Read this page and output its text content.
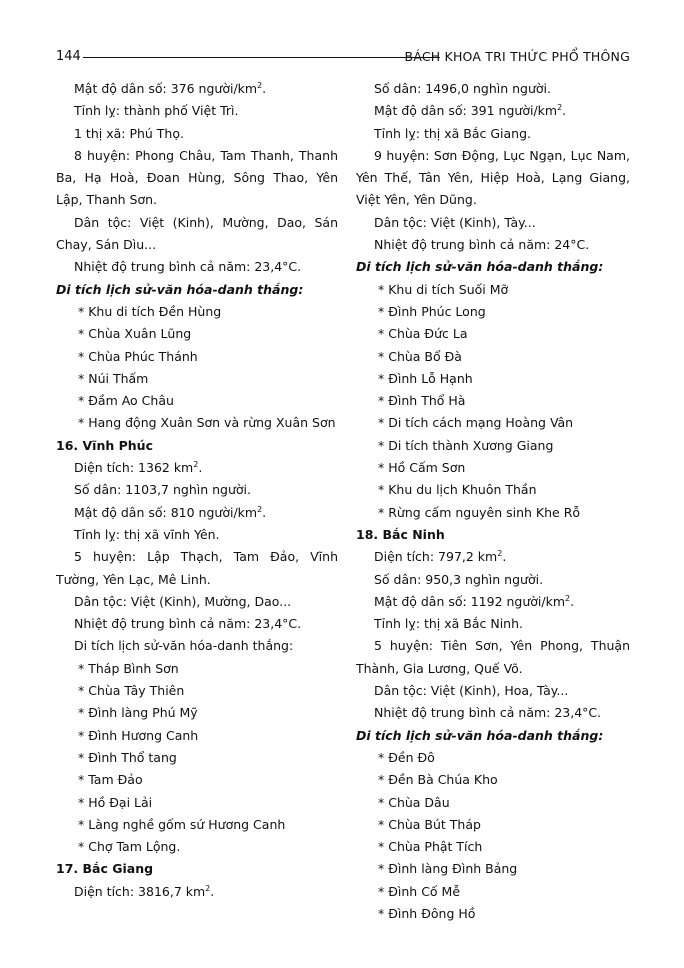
144	BÁCH KHOA TRI THỨC PHỔ THÔNG
Mật độ dân số: 376 người/$km^2$.
Tỉnh lỵ: thành phố Việt Trì.
1 thị xã: Phú Thọ.
8 huyện: Phong Châu, Tam Thanh, Thanh Ba, Hạ Hoà, Đoan Hùng, Sông Thao, Yên Lập, Thanh Sơn.
Dân tộc: Việt (Kinh), Mường, Dao, Sán Chay, Sán Dìu...
Nhiệt độ trung bình cả năm: 23,4°C.
Di tích lịch sử-văn hóa-danh thắng:
* Khu di tích Đền Hùng
* Chùa Xuân Lũng
* Chùa Phúc Thánh
* Núi Thấm
* Đầm Ao Châu
* Hang động Xuân Sơn và rừng Xuân Sơn
16. Vĩnh Phúc
Diện tích: 1362 $km^2$.
Số dân: 1103,7 nghìn người.
Mật độ dân số: 810 người/$km^2$.
Tỉnh lỵ: thị xã vĩnh Yên.
5 huyện: Lập Thạch, Tam Đảo, Vĩnh Tường, Yên Lạc, Mê Linh.
Dân tộc: Việt (Kinh), Mường, Dao...
Nhiệt độ trung bình cả năm: 23,4°C.
Di tích lịch sử-văn hóa-danh thắng:
* Tháp Bình Sơn
* Chùa Tây Thiên
* Đình làng Phú Mỹ
* Đình Hương Canh
* Đình Thổ tang
* Tam Đảo
* Hồ Đại Lải
* Làng nghề gốm sứ Hương Canh
* Chợ Tam Lộng.
17. Bắc Giang
Diện tích: 3816,7 $km^2$.
Số dân: 1496,0 nghìn người.
Mật độ dân số: 391 người/$km^2$.
Tỉnh lỵ: thị xã Bắc Giang.
9 huyện: Sơn Động, Lục Ngạn, Lục Nam, Yên Thế, Tân Yên, Hiệp Hoà, Lạng Giang, Việt Yên, Yên Dũng.
Dân tộc: Việt (Kinh), Tày...
Nhiệt độ trung bình cả năm: 24°C.
Di tích lịch sử-văn hóa-danh thắng:
* Khu di tích Suối Mỡ
* Đình Phúc Long
* Chùa Đức La
* Chùa Bổ Đà
* Đình Lỗ Hạnh
* Đình Thổ Hà
* Di tích cách mạng Hoàng Vân
* Di tích thành Xương Giang
* Hồ Cấm Sơn
* Khu du lịch Khuôn Thần
* Rừng cấm nguyên sinh Khe Rỗ
18. Bắc Ninh
Diện tích: 797,2 $km^2$.
Số dân: 950,3 nghìn người.
Mật độ dân số: 1192 người/$km^2$.
Tỉnh lỵ: thị xã Bắc Ninh.
5 huyện: Tiên Sơn, Yên Phong, Thuận Thành, Gia Lương, Quế Võ.
Dân tộc: Việt (Kinh), Hoa, Tày...
Nhiệt độ trung bình cả năm: 23,4°C.
Di tích lịch sử-văn hóa-danh thắng:
* Đền Đô
* Đền Bà Chúa Kho
* Chùa Dâu
* Chùa Bút Tháp
* Chùa Phật Tích
* Đình làng Đình Bảng
* Đình Cố Mễ
* Đình Đông Hồ
